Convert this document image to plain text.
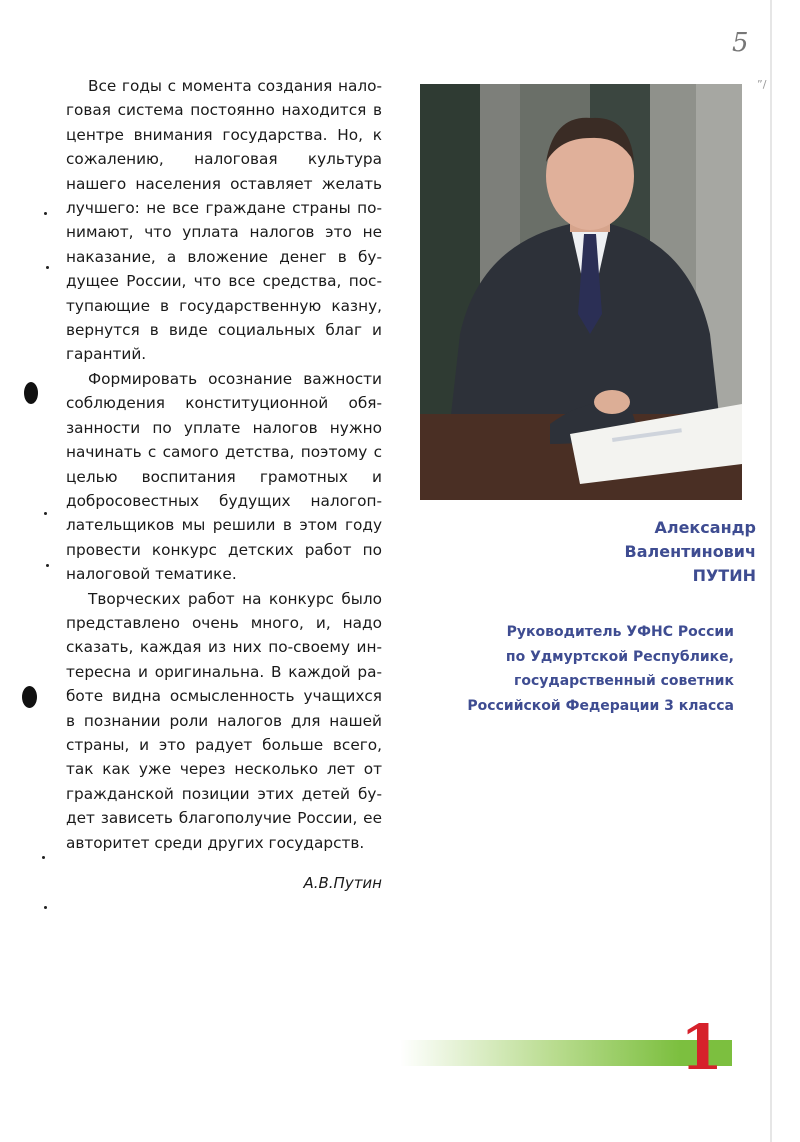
5
”/

Все годы с момента создания налоговая система постоянно находится в центре внимания государства. Но, к сожалению, налоговая культура нашего населения оставляет желать лучшего: не все граждане страны понимают, что уплата налогов это не наказание, а вложение денег в будущее России, что все средства, поступающие в государственную казну, вернутся в виде социальных благ и гарантий.

Формировать осознание важности соблюдения конституционной обязанности по уплате налогов нужно начинать с самого детства, поэтому с целью воспитания грамотных и добросовестных будущих налогоплательщиков мы решили в этом году провести конкурс детских работ по налоговой тематике.

Творческих работ на конкурс было представлено очень много, и, надо сказать, каждая из них по-своему интересна и оригинальна. В каждой работе видна осмысленность учащихся в познании роли налогов для нашей страны, и это радует больше всего, так как уже через несколько лет от гражданской позиции этих детей будет зависеть благополучие России, ее авторитет среди других государств.

А.В.Путин
Александр
Валентинович
ПУТИН
Руководитель УФНС России
по Удмуртской Республике,
государственный советник
Российской Федерации 3 класса
1
